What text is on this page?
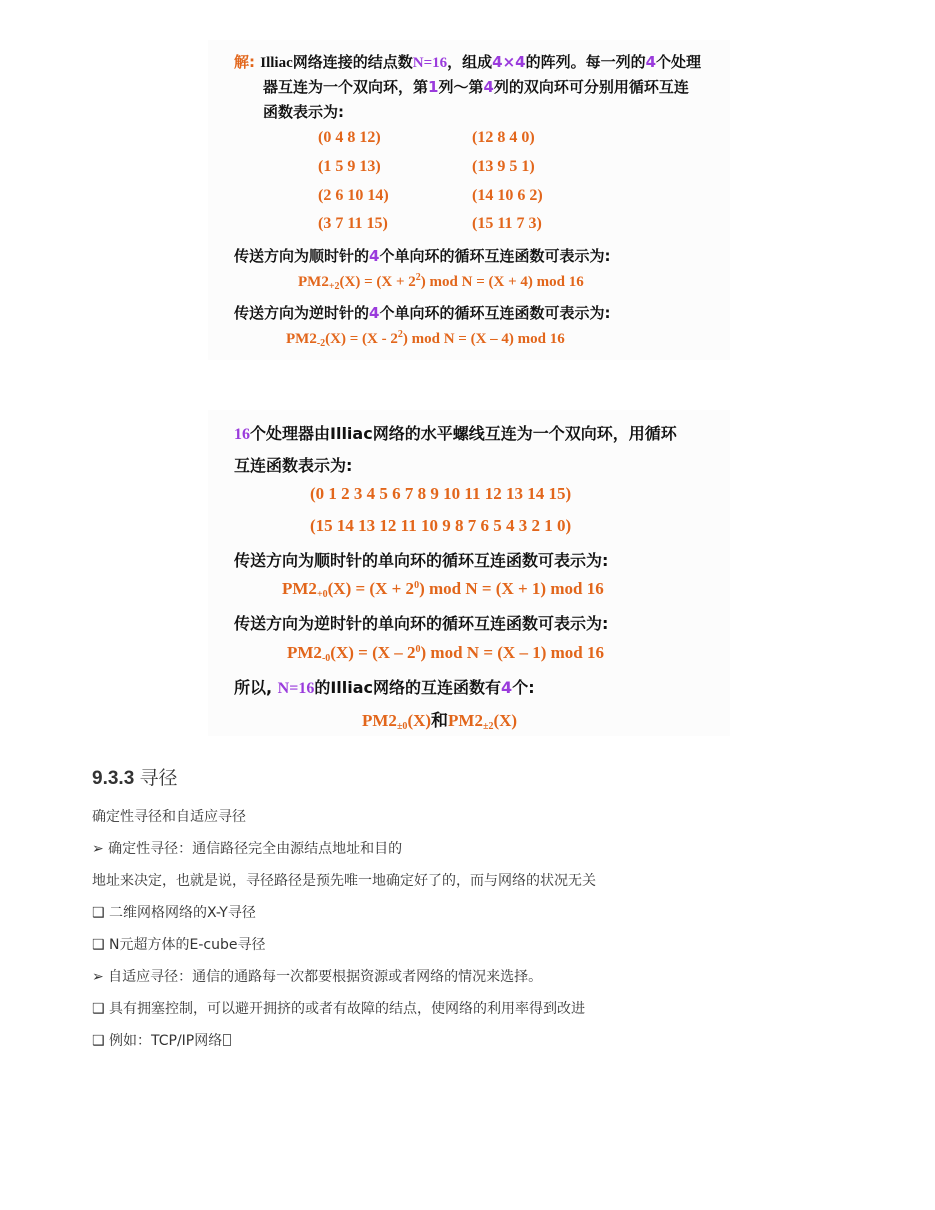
解: Illiac网络连接的结点数N=16，组成4×4的阵列。每一列的4个处理
器互连为一个双向环，第1列～第4列的双向环可分别用循环互连
函数表示为:
(0 4 8 12)
(1 5 9 13)
(2 6 10 14)
(3 7 11 15)
(12 8 4 0)
(13 9 5 1)
(14 10 6 2)
(15 11 7 3)
传送方向为顺时针的4个单向环的循环互连函数可表示为:
$PM2_{+2}(X) = (X + 2^2)$ mod N = (X + 4) mod 16
传送方向为逆时针的4个单向环的循环互连函数可表示为:
$PM2_{-2}(X) = (X - 2^2)$ mod N = (X – 4) mod 16
16个处理器由Illiac网络的水平螺线互连为一个双向环，用循环
互连函数表示为:
(0 1 2 3 4 5 6 7 8 9 10 11 12 13 14 15)
(15 14 13 12 11 10 9 8 7 6 5 4 3 2 1 0)
传送方向为顺时针的单向环的循环互连函数可表示为:
$PM2_{+0}(X) = (X + 2^0)$ mod N = (X + 1) mod 16
传送方向为逆时针的单向环的循环互连函数可表示为:
$PM2_{-0}(X) = (X - 2^0)$ mod N = (X – 1) mod 16
所以, N=16的Illiac网络的互连函数有4个:
$PM2_{\pm 0}(X)$和$PM2_{\pm 2}(X)$
9.3.3 寻径
确定性寻径和自适应寻径
➢ 确定性寻径：通信路径完全由源结点地址和目的
地址来决定，也就是说，寻径路径是预先唯一地确定好了的，而与网络的状况无关
❑ 二维网格网络的X-Y寻径
❑ N元超方体的E-cube寻径
➢ 自适应寻径：通信的通路每一次都要根据资源或者网络的情况来选择。
❑ 具有拥塞控制，可以避开拥挤的或者有故障的结点，使网络的利用率得到改进
❑ 例如：TCP/IP网络
